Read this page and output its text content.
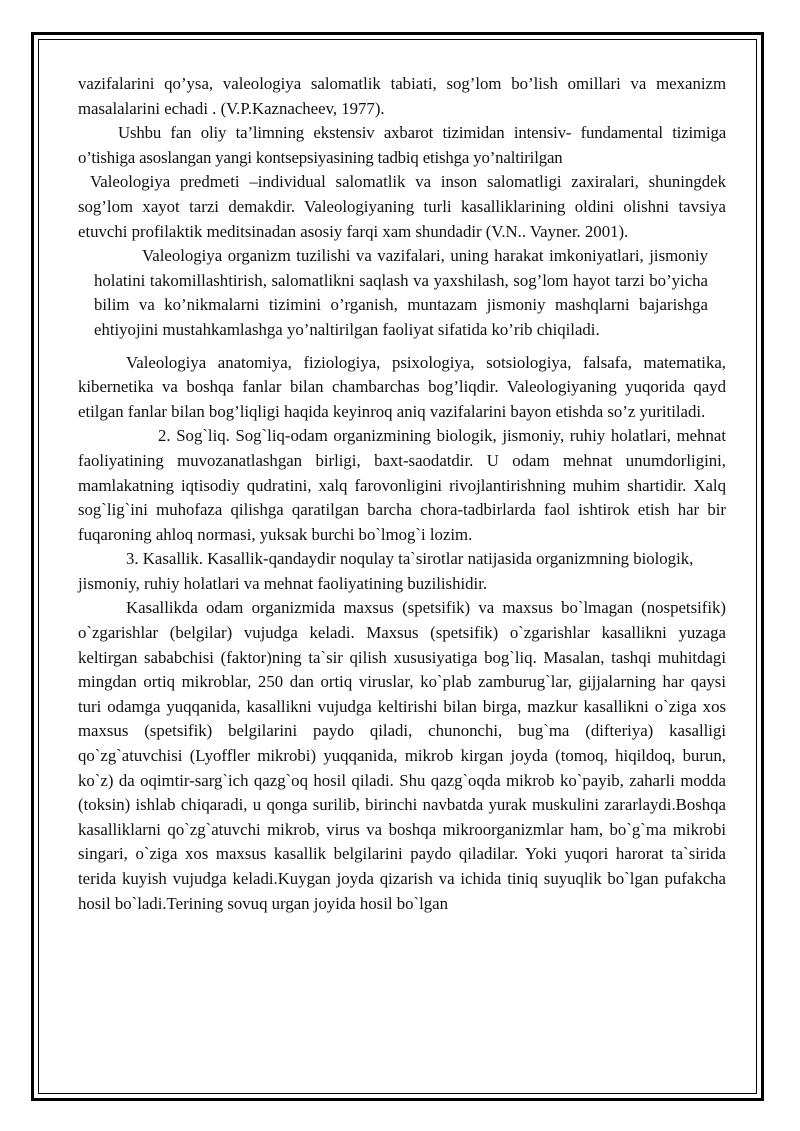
vazifalarini qo’ysa, valeologiya salomatlik tabiati, sog’lom bo’lish omillari va mexanizm masalalarini echadi . (V.P.Kaznacheev, 1977).

Ushbu fan oliy ta’limning ekstensiv axbarot tizimidan intensiv- fundamental tizimiga o’tishiga asoslangan yangi kontsepsiyasining tadbiq etishga yo’naltirilgan

Valeologiya predmeti –individual salomatlik va inson salomatligi zaxiralari, shuningdek sog’lom xayot tarzi demakdir. Valeologiyaning turli kasalliklarining oldini olishni tavsiya etuvchi profilaktik meditsinadan asosiy farqi xam shundadir (V.N.. Vayner. 2001).

Valeologiya organizm tuzilishi va vazifalari, uning harakat imkoniyatlari, jismoniy holatini takomillashtirish, salomatlikni saqlash va yaxshilash, sog’lom hayot tarzi bo’yicha bilim va ko’nikmalarni tizimini o’rganish, muntazam jismoniy mashqlarni bajarishga ehtiyojini mustahkamlashga yo’naltirilgan faoliyat sifatida ko’rib chiqiladi.

Valeologiya anatomiya, fiziologiya, psixologiya, sotsiologiya, falsafa, matematika, kibernetika va boshqa fanlar bilan chambarchas bog’liqdir. Valeologiyaning yuqorida qayd etilgan fanlar bilan bog’liqligi haqida keyinroq aniq vazifalarini bayon etishda so’z yuritiladi.

2. Sog`liq. Sog`liq-odam organizmining biologik, jismoniy, ruhiy holatlari, mehnat faoliyatining muvozanatlashgan birligi, baxt-saodatdir. U odam mehnat unumdorligini, mamlakatning iqtisodiy qudratini, xalq farovonligini rivojlantirishning muhim shartidir. Xalq sog`lig`ini muhofaza qilishga qaratilgan barcha chora-tadbirlarda faol ishtirok etish har bir fuqaroning ahloq normasi, yuksak burchi bo`lmog`i lozim.

3. Kasallik. Kasallik-qandaydir noqulay ta`sirotlar natijasida organizmning biologik, jismoniy, ruhiy holatlari va mehnat faoliyatining buzilishidir.

Kasallikda odam organizmida maxsus (spetsifik) va maxsus bo`lmagan (nospetsifik) o`zgarishlar (belgilar) vujudga keladi. Maxsus (spetsifik) o`zgarishlar kasallikni yuzaga keltirgan sababchisi (faktor)ning ta`sir qilish xususiyatiga bog`liq. Masalan, tashqi muhitdagi mingdan ortiq mikroblar, 250 dan ortiq viruslar, ko`plab zamburug`lar, gijjalarning har qaysi turi odamga yuqqanida, kasallikni vujudga keltirishi bilan birga, mazkur kasallikni o`ziga xos maxsus (spetsifik) belgilarini paydo qiladi, chunonchi, bug`ma (difteriya) kasalligi qo`zg`atuvchisi (Lyoffler mikrobi) yuqqanida, mikrob kirgan joyda (tomoq, hiqildoq, burun, ko`z) da oqimtir-sarg`ich qazg`oq hosil qiladi. Shu qazg`oqda mikrob ko`payib, zaharli modda (toksin) ishlab chiqaradi, u qonga surilib, birinchi navbatda yurak muskulini zararlaydi.Boshqa kasalliklarni qo`zg`atuvchi mikrob, virus va boshqa mikroorganizmlar ham, bo`g`ma mikrobi singari, o`ziga xos maxsus kasallik belgilarini paydo qiladilar. Yoki yuqori harorat ta`sirida terida kuyish vujudga keladi.Kuygan joyda qizarish va ichida tiniq suyuqlik bo`lgan pufakcha hosil bo`ladi.Terining sovuq urgan joyida hosil bo`lgan
